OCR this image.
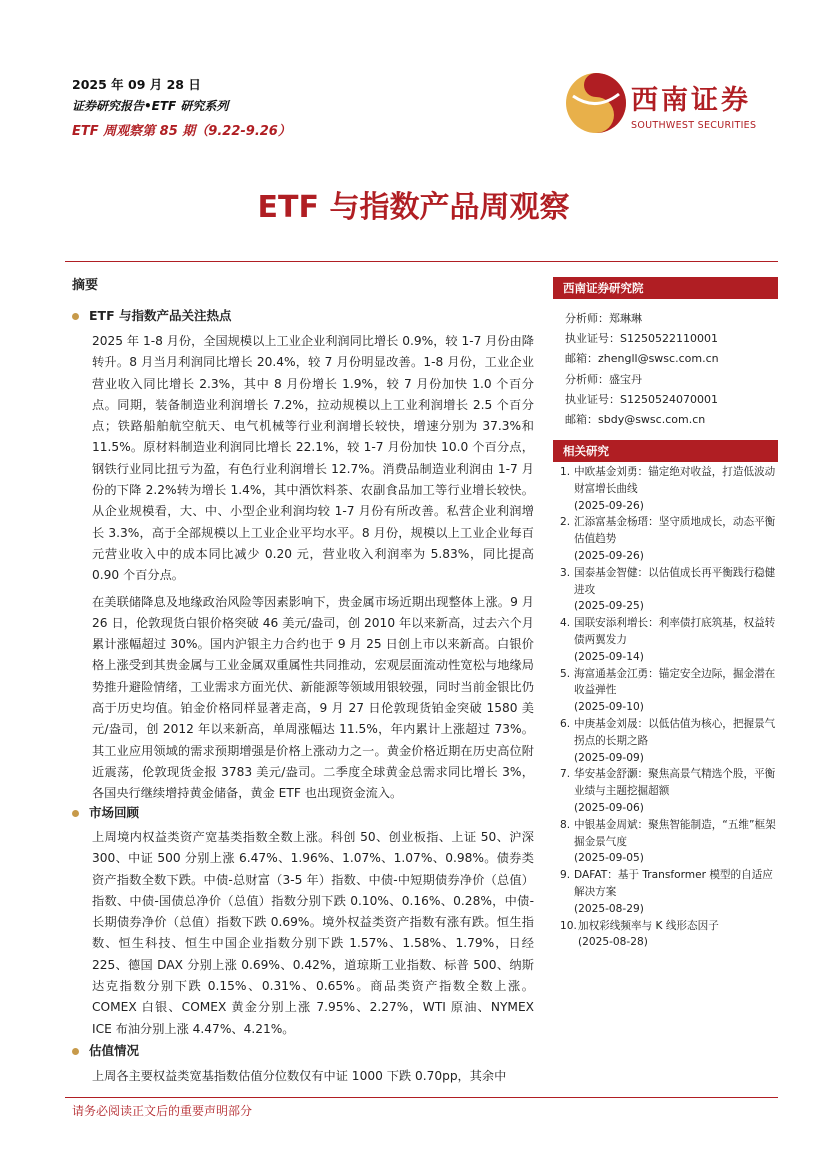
2025 年 09 月 28 日
证券研究报告•ETF 研究系列
ETF 周观察第 85 期（9.22-9.26）
西南证券
SOUTHWEST SECURITIES
ETF 与指数产品周观察
摘要
ETF 与指数产品关注热点

2025 年 1-8 月份，全国规模以上工业企业利润同比增长 0.9%，较 1-7 月份由降转升。8 月当月利润同比增长 20.4%，较 7 月份明显改善。1-8 月份，工业企业营业收入同比增长 2.3%，其中 8 月份增长 1.9%，较 7 月份加快 1.0 个百分点。同期，装备制造业利润增长 7.2%，拉动规模以上工业利润增长 2.5 个百分点；铁路船舶航空航天、电气机械等行业利润增长较快，增速分别为 37.3%和 11.5%。原材料制造业利润同比增长 22.1%，较 1-7 月份加快 10.0 个百分点，钢铁行业同比扭亏为盈，有色行业利润增长 12.7%。消费品制造业利润由 1-7 月份的下降 2.2%转为增长 1.4%，其中酒饮料茶、农副食品加工等行业增长较快。从企业规模看，大、中、小型企业利润均较 1-7 月份有所改善。私营企业利润增长 3.3%，高于全部规模以上工业企业平均水平。8 月份，规模以上工业企业每百元营业收入中的成本同比减少 0.20 元，营业收入利润率为 5.83%，同比提高 0.90 个百分点。

在美联储降息及地缘政治风险等因素影响下，贵金属市场近期出现整体上涨。9 月 26 日，伦敦现货白银价格突破 46 美元/盎司，创 2010 年以来新高，过去六个月累计涨幅超过 30%。国内沪银主力合约也于 9 月 25 日创上市以来新高。白银价格上涨受到其贵金属与工业金属双重属性共同推动，宏观层面流动性宽松与地缘局势推升避险情绪，工业需求方面光伏、新能源等领域用银较强，同时当前金银比仍高于历史均值。铂金价格同样显著走高，9 月 27 日伦敦现货铂金突破 1580 美元/盎司，创 2012 年以来新高，单周涨幅达 11.5%，年内累计上涨超过 73%。其工业应用领域的需求预期增强是价格上涨动力之一。黄金价格近期在历史高位附近震荡，伦敦现货金报 3783 美元/盎司。二季度全球黄金总需求同比增长 3%，各国央行继续增持黄金储备，黄金 ETF 也出现资金流入。

市场回顾

上周境内权益类资产宽基类指数全数上涨。科创 50、创业板指、上证 50、沪深 300、中证 500 分别上涨 6.47%、1.96%、1.07%、1.07%、0.98%。债券类资产指数全数下跌。中债-总财富（3-5 年）指数、中债-中短期债券净价（总值）指数、中债-国债总净价（总值）指数分别下跌 0.10%、0.16%、0.28%，中债-长期债券净价（总值）指数下跌 0.69%。境外权益类资产指数有涨有跌。恒生指数、恒生科技、恒生中国企业指数分别下跌 1.57%、1.58%、1.79%，日经 225、德国 DAX 分别上涨 0.69%、0.42%，道琼斯工业指数、标普 500、纳斯达克指数分别下跌 0.15%、0.31%、0.65%。商品类资产指数全数上涨。COMEX 白银、COMEX 黄金分别上涨 7.95%、2.27%，WTI 原油、NYMEX ICE 布油分别上涨 4.47%、4.21%。

估值情况

上周各主要权益类宽基指数估值分位数仅有中证 1000 下跌 0.70pp，其余中

西南证券研究院
分析师：郑琳琳
执业证号：S1250522110001
邮箱：zhengll@swsc.com.cn
分析师：盛宝丹
执业证号：S1250524070001
邮箱：sbdy@swsc.com.cn
相关研究
1. 中欧基金刘勇：锚定绝对收益，打造低波动财富增长曲线
(2025-09-26)
2. 汇添富基金杨瑨：坚守质地成长，动态平衡估值趋势
(2025-09-26)
3. 国泰基金智健：以估值成长再平衡践行稳健进攻
(2025-09-25)
4. 国联安添利增长：利率债打底筑基，权益转债两翼发力
(2025-09-14)
5. 海富通基金江勇：锚定安全边际，掘金潜在收益弹性
(2025-09-10)
6. 中庚基金刘晟：以低估值为核心，把握景气拐点的长期之路
(2025-09-09)
7. 华安基金舒灏：聚焦高景气精选个股，平衡业绩与主题挖掘超额
(2025-09-06)
8. 中银基金周斌：聚焦智能制造，“五维”框架掘金景气度
(2025-09-05)
9. DAFAT：基于 Transformer 模型的自适应解决方案
(2025-08-29)
10. 加权彩线频率与 K 线形态因子
(2025-08-28)
请务必阅读正文后的重要声明部分
